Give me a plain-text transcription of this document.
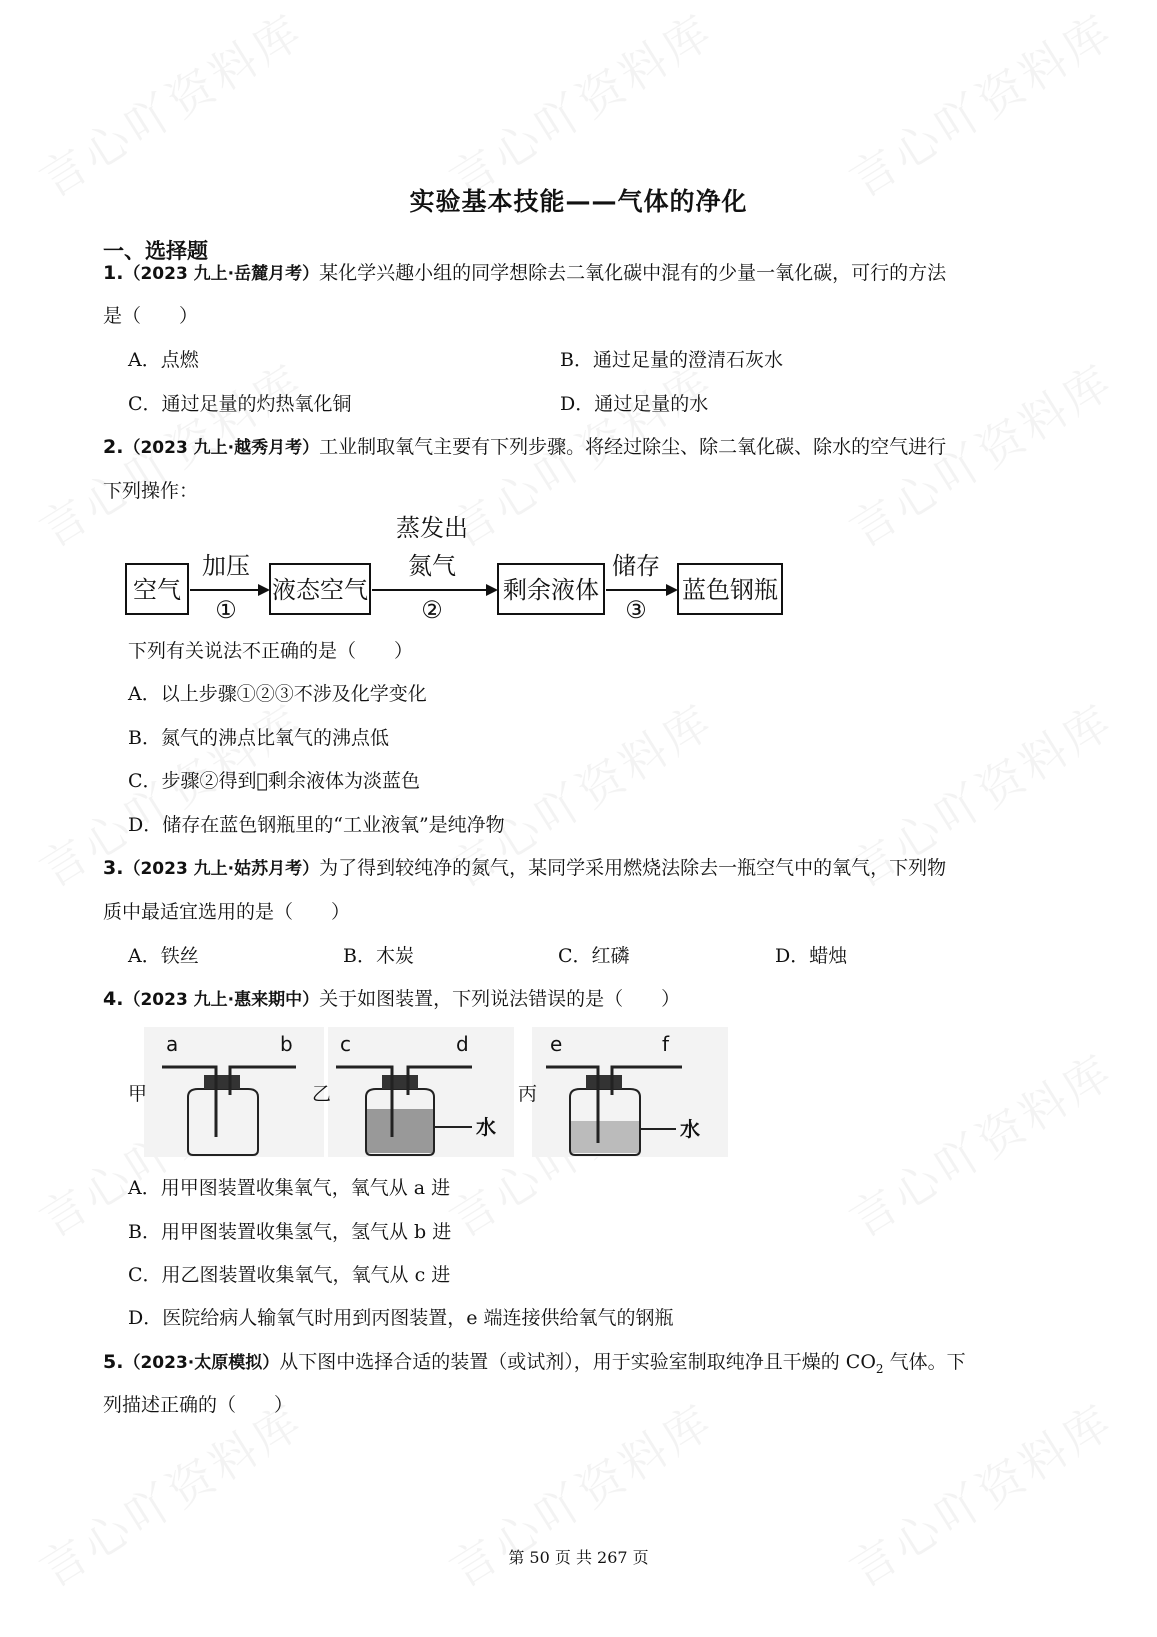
实验基本技能——气体的净化
一、选择题
1.（2023 九上·岳麓月考）某化学兴趣小组的同学想除去二氧化碳中混有的少量一氧化碳，可行的方法
是（　　）
A．点燃	B．通过足量的澄清石灰水
C．通过足量的灼热氧化铜	D．通过足量的水
2.（2023 九上·越秀月考）工业制取氧气主要有下列步骤。将经过除尘、除二氧化碳、除水的空气进行
下列操作：
空气
加压
①
液态空气
蒸发出
氮气
②
剩余液体
储存
③
蓝色钢瓶
下列有关说法不正确的是（　　）
A．以上步骤①②③不涉及化学变化
B．氮气的沸点比氧气的沸点低
C．步骤②得到󰄀剩余液体为淡蓝色
D．储存在蓝色钢瓶里的“工业液氧”是纯净物
3.（2023 九上·姑苏月考）为了得到较纯净的氮气，某同学采用燃烧法除去一瓶空气中的氧气，下列物
质中最适宜选用的是（　　）
A．铁丝	B．木炭	C．红磷	D．蜡烛
4.（2023 九上·惠来期中）关于如图装置，下列说法错误的是（　　）
甲
a	b
乙
c	d
水
丙
e	f
水
A．用甲图装置收集氧气，氧气从 a 进
B．用甲图装置收集氢气，氢气从 b 进
C．用乙图装置收集氧气，氧气从 c 进
D．医院给病人输氧气时用到丙图装置，e 端连接供给氧气的钢瓶
5.（2023·太原模拟）从下图中选择合适的装置（或试剂），用于实验室制取纯净且干燥的 $CO_2$ 气体。下
列描述正确的（　　）
第 50 页 共 267 页
